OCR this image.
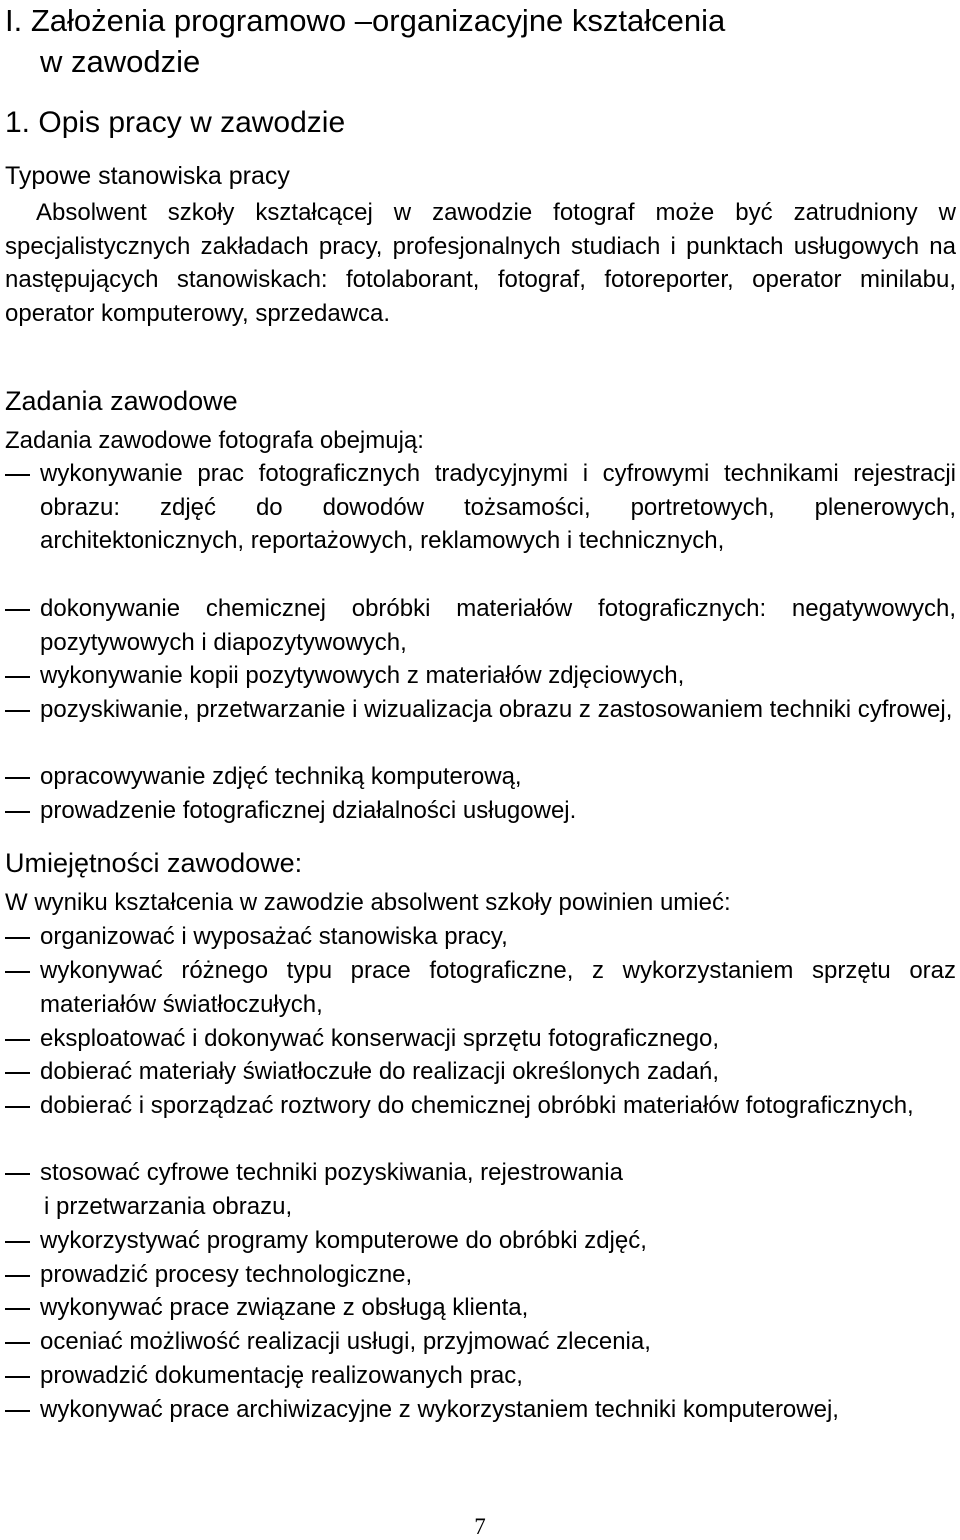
I. Założenia programowo –organizacyjne kształcenia
w zawodzie
1. Opis pracy w zawodzie
Typowe stanowiska pracy
Absolwent szkoły kształcącej w zawodzie fotograf może być zatrudniony w specjalistycznych zakładach pracy, profesjonalnych studiach i punktach usługowych na następujących stanowiskach: fotolaborant, fotograf, fotoreporter, operator minilabu, operator komputerowy, sprzedawca.
Zadania zawodowe
Zadania zawodowe fotografa obejmują:
wykonywanie prac fotograficznych tradycyjnymi i cyfrowymi technikami rejestracji obrazu: zdjęć do dowodów tożsamości, portretowych, plenerowych, architektonicznych, reportażowych, reklamowych i technicznych,
dokonywanie chemicznej obróbki materiałów fotograficznych: negatywowych, pozytywowych i diapozytywowych,
wykonywanie kopii pozytywowych z materiałów zdjęciowych,
pozyskiwanie, przetwarzanie i wizualizacja obrazu z zastosowaniem techniki cyfrowej,
opracowywanie zdjęć techniką komputerową,
prowadzenie fotograficznej działalności usługowej.
Umiejętności zawodowe:
W wyniku kształcenia w zawodzie absolwent szkoły powinien umieć:
organizować i wyposażać stanowiska pracy,
wykonywać różnego typu prace fotograficzne, z wykorzystaniem sprzętu oraz materiałów światłoczułych,
eksploatować i dokonywać konserwacji sprzętu fotograficznego,
dobierać materiały światłoczułe do realizacji określonych zadań,
dobierać i sporządzać roztwory do chemicznej obróbki materiałów fotograficznych,
stosować cyfrowe techniki pozyskiwania, rejestrowania
i przetwarzania obrazu,
wykorzystywać programy komputerowe do obróbki zdjęć,
prowadzić procesy technologiczne,
wykonywać prace związane z obsługą klienta,
oceniać możliwość realizacji usługi, przyjmować zlecenia,
prowadzić dokumentację realizowanych prac,
wykonywać prace archiwizacyjne z wykorzystaniem techniki komputerowej,
7
